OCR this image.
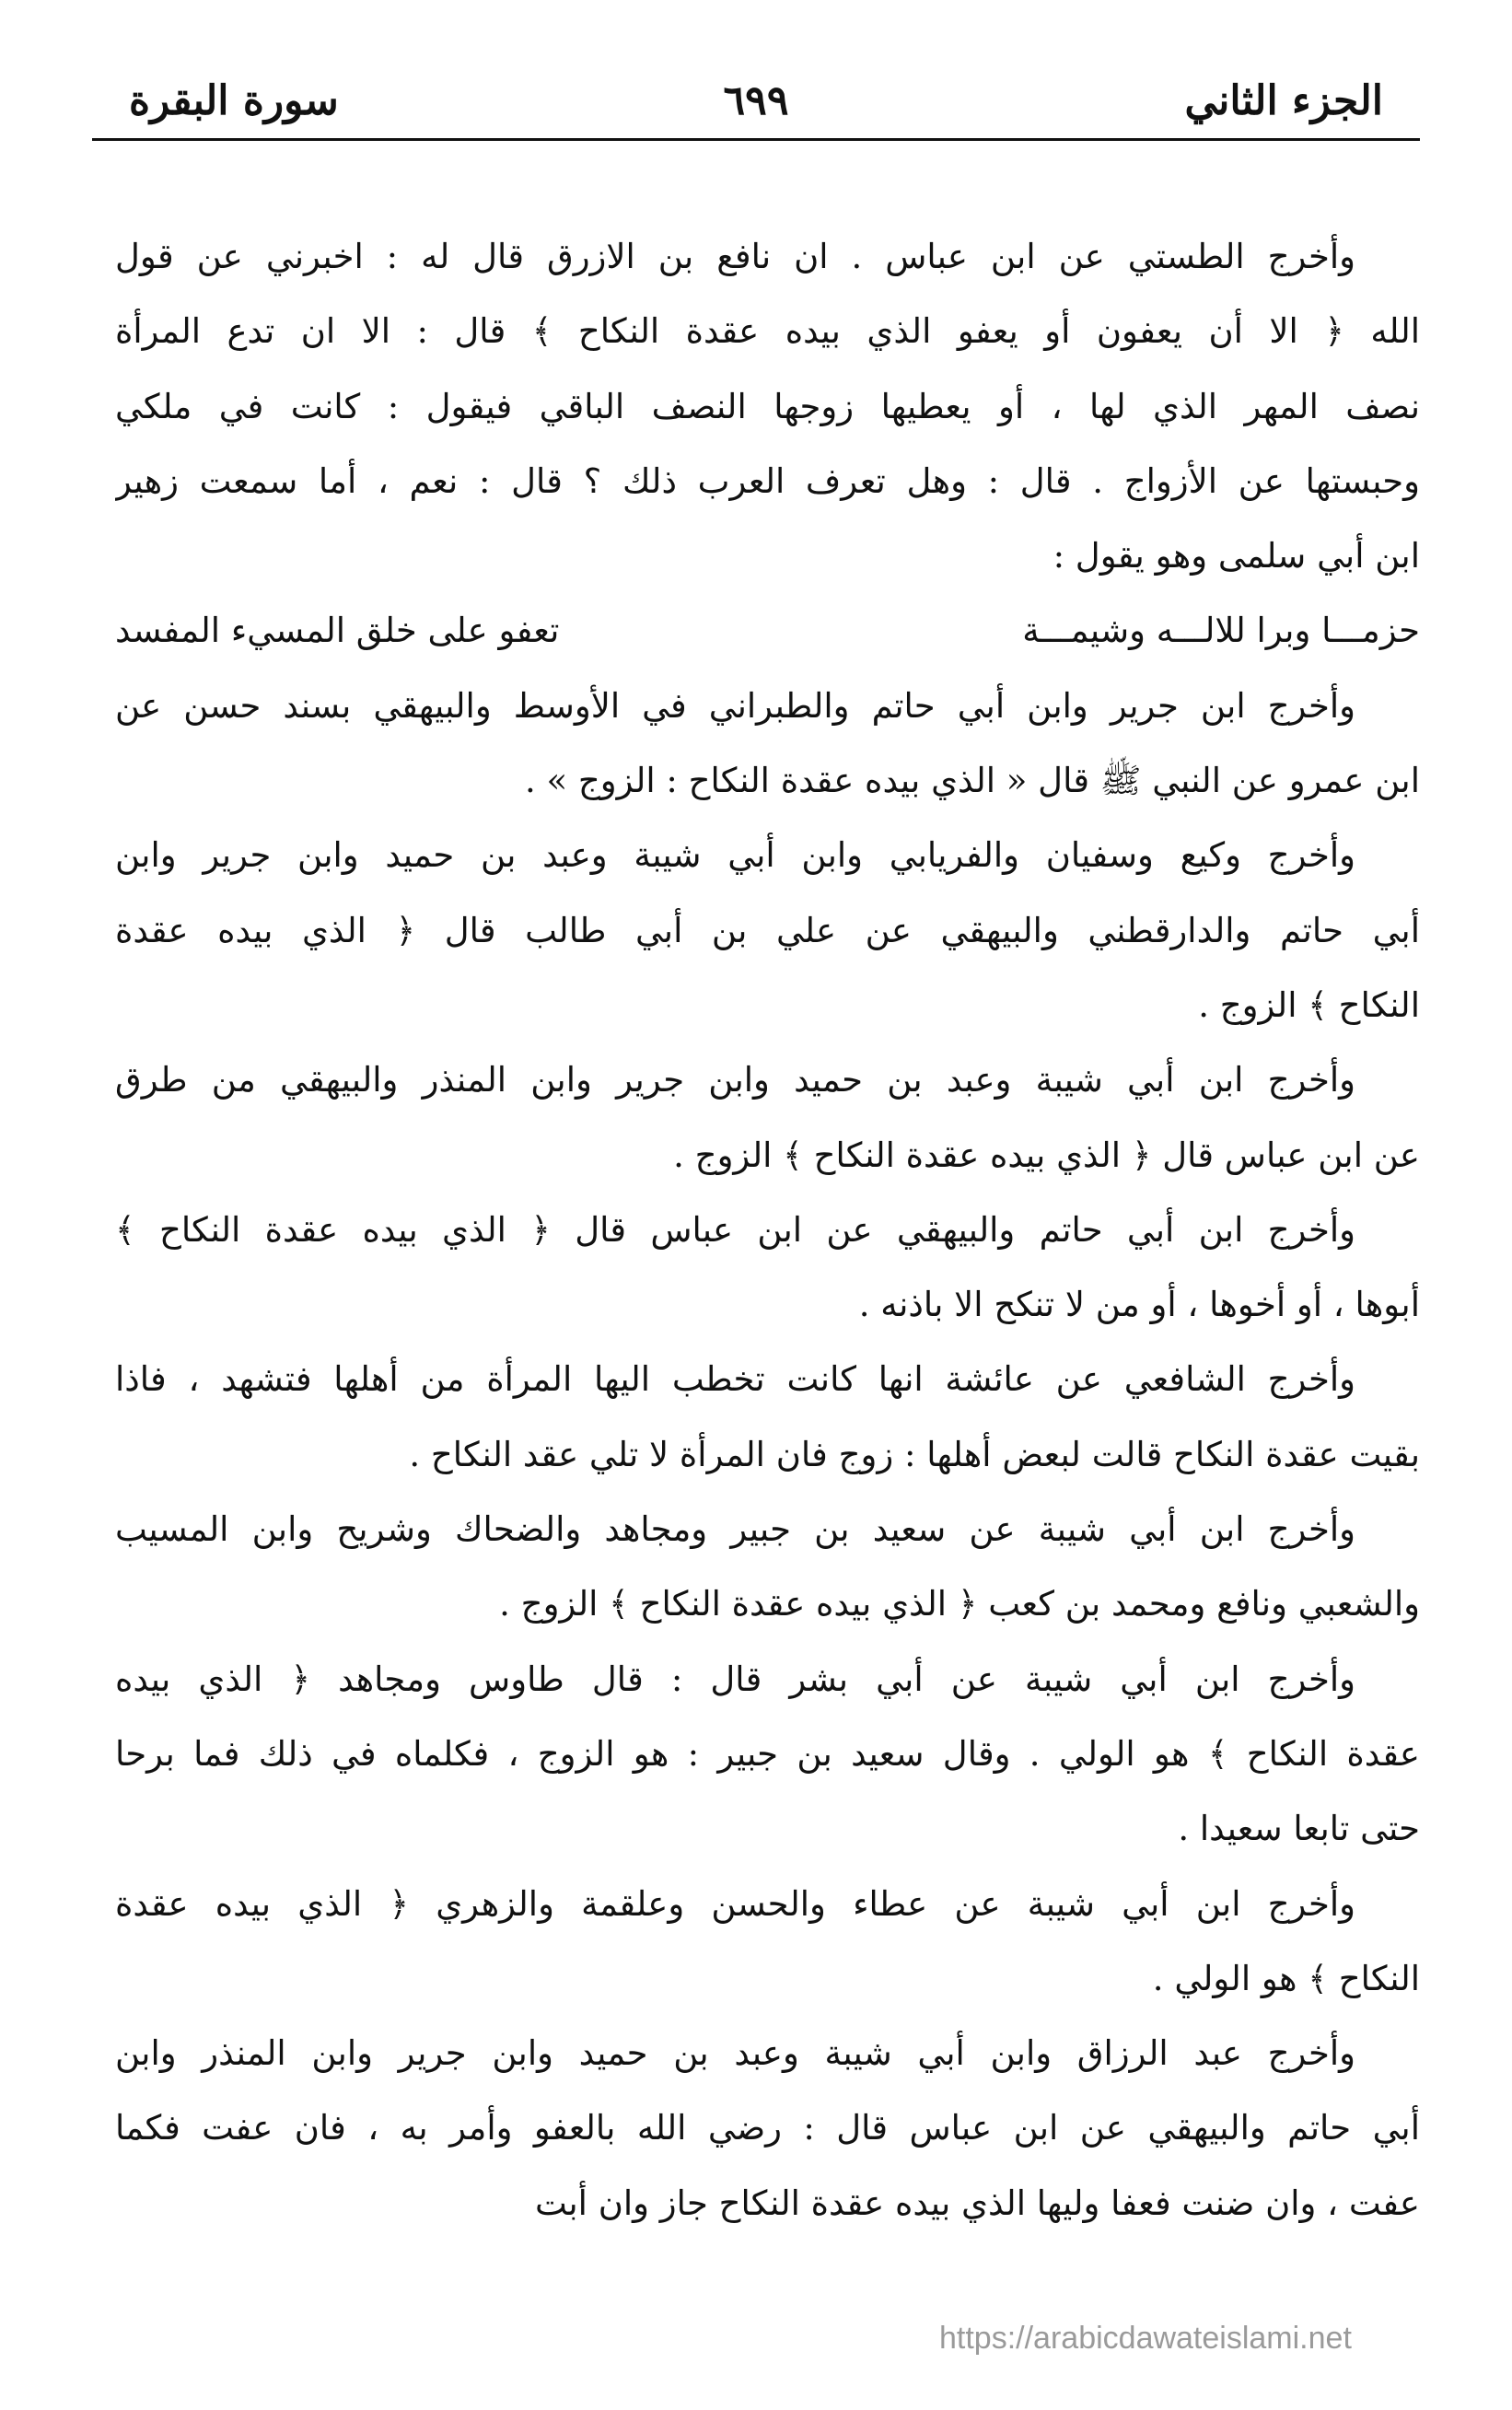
الجزء الثاني
٦٩٩
سورة البقرة
وأخرج الطستي عن ابن عباس . ان نافع بن الازرق قال له : اخبرني عن قول
الله ﴿ الا أن يعفون أو يعفو الذي بيده عقدة النكاح ﴾ قال : الا ان تدع المرأة
نصف المهر الذي لها ، أو يعطيها زوجها النصف الباقي فيقول : كانت في ملكي
وحبستها عن الأزواج . قال : وهل تعرف العرب ذلك ؟ قال : نعم ، أما سمعت زهير
ابن أبي سلمى وهو يقول :
حزمـــا وبرا للالـــه وشيمـــة
تعفو على خلق المسيء المفسد
وأخرج ابن جرير وابن أبي حاتم والطبراني في الأوسط والبيهقي بسند حسن عن
ابن عمرو عن النبي ﷺ قال « الذي بيده عقدة النكاح : الزوج » .
وأخرج وكيع وسفيان والفريابي وابن أبي شيبة وعبد بن حميد وابن جرير وابن
أبي حاتم والدارقطني والبيهقي عن علي بن أبي طالب قال ﴿ الذي بيده عقدة
النكاح ﴾ الزوج .
وأخرج ابن أبي شيبة وعبد بن حميد وابن جرير وابن المنذر والبيهقي من طرق
عن ابن عباس قال ﴿ الذي بيده عقدة النكاح ﴾ الزوج .
وأخرج ابن أبي حاتم والبيهقي عن ابن عباس قال ﴿ الذي بيده عقدة النكاح ﴾
أبوها ، أو أخوها ، أو من لا تنكح الا باذنه .
وأخرج الشافعي عن عائشة انها كانت تخطب اليها المرأة من أهلها فتشهد ، فاذا
بقيت عقدة النكاح قالت لبعض أهلها : زوج فان المرأة لا تلي عقد النكاح .
وأخرج ابن أبي شيبة عن سعيد بن جبير ومجاهد والضحاك وشريح وابن المسيب
والشعبي ونافع ومحمد بن كعب ﴿ الذي بيده عقدة النكاح ﴾ الزوج .
وأخرج ابن أبي شيبة عن أبي بشر قال : قال طاوس ومجاهد ﴿ الذي بيده
عقدة النكاح ﴾ هو الولي . وقال سعيد بن جبير : هو الزوج ، فكلماه في ذلك فما برحا
حتى تابعا سعيدا .
وأخرج ابن أبي شيبة عن عطاء والحسن وعلقمة والزهري ﴿ الذي بيده عقدة
النكاح ﴾ هو الولي .
وأخرج عبد الرزاق وابن أبي شيبة وعبد بن حميد وابن جرير وابن المنذر وابن
أبي حاتم والبيهقي عن ابن عباس قال : رضي الله بالعفو وأمر به ، فان عفت فكما
عفت ، وان ضنت فعفا وليها الذي بيده عقدة النكاح جاز وان أبت
https://arabicdawateislami.net
